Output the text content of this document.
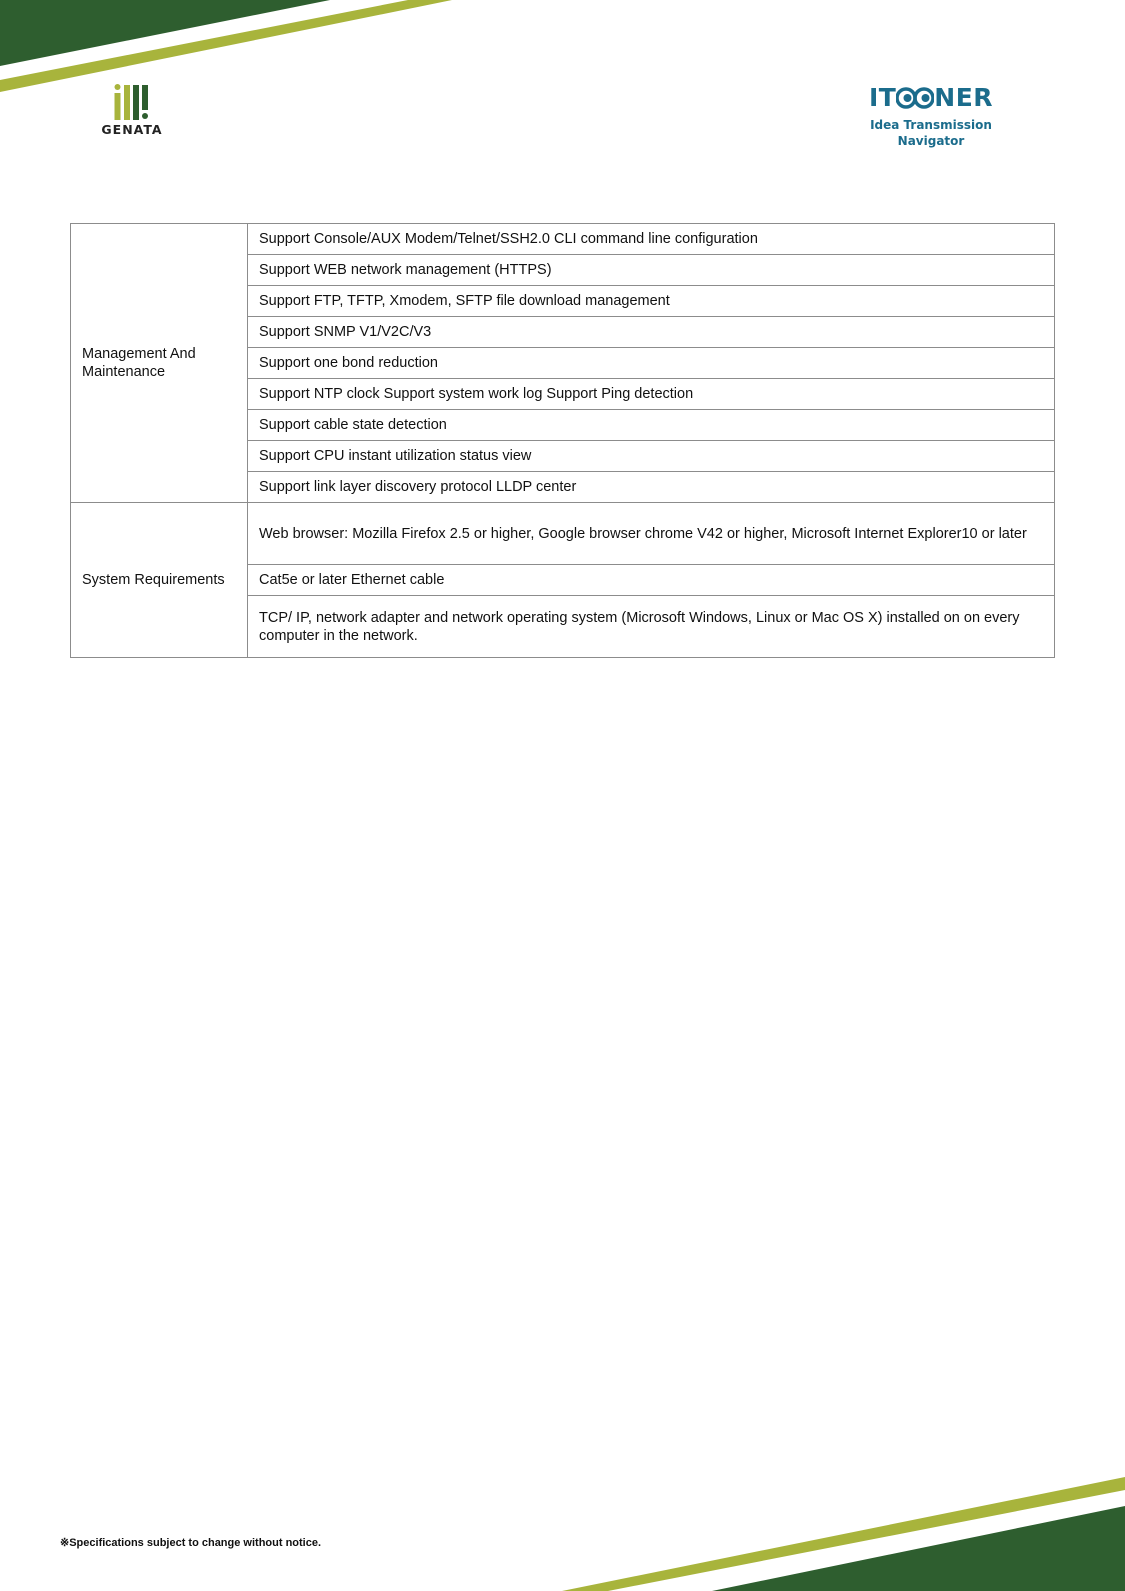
GENATA
IT NER
Idea Transmission Navigator
Management And Maintenance	Support Console/AUX Modem/Telnet/SSH2.0 CLI command line configuration
	Support WEB network management (HTTPS)
	Support FTP, TFTP, Xmodem, SFTP file download management
	Support SNMP V1/V2C/V3
	Support one bond reduction
	Support NTP clock Support system work log Support Ping detection
	Support cable state detection
	Support CPU instant utilization status view
	Support link layer discovery protocol LLDP center
System Requirements	Web browser: Mozilla Firefox 2.5 or higher, Google browser chrome V42 or higher, Microsoft Internet Explorer10 or later
	Cat5e or later Ethernet cable
	TCP/ IP, network adapter and network operating system (Microsoft Windows, Linux or Mac OS X) installed on on every computer in the network.
※Specifications subject to change without notice.
